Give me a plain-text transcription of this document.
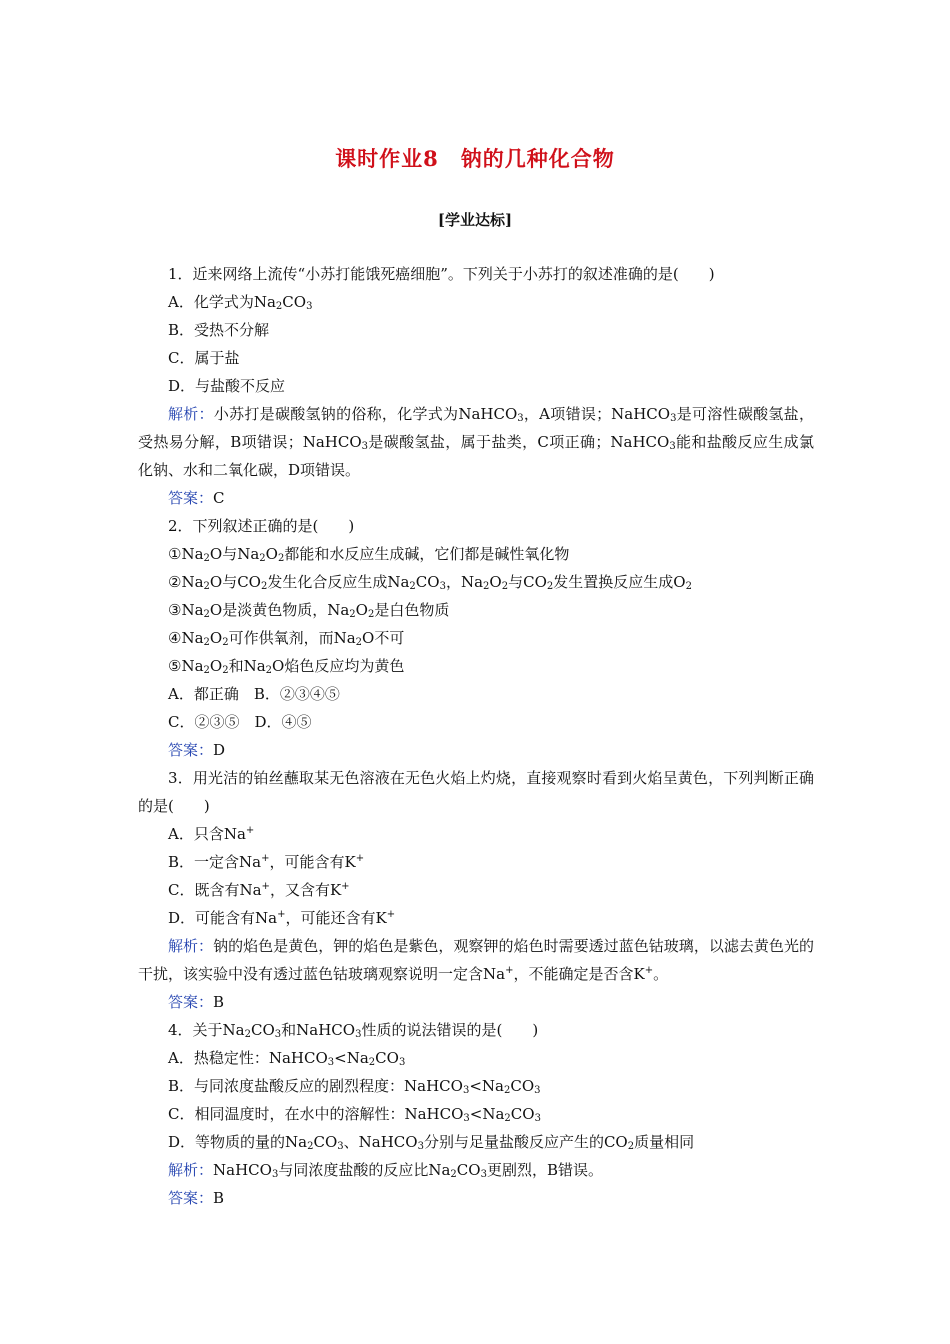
课时作业8　钠的几种化合物
[学业达标]
1．近来网络上流传“小苏打能饿死癌细胞”。下列关于小苏打的叙述准确的是(　　)
A．化学式为$Na_2CO_3$
B．受热不分解
C．属于盐
D．与盐酸不反应
解析：小苏打是碳酸氢钠的俗称，化学式为NaHCO$_3$，A项错误；NaHCO$_3$是可溶性碳酸氢盐，受热易分解，B项错误；NaHCO$_3$是碳酸氢盐，属于盐类，C项正确；NaHCO$_3$能和盐酸反应生成氯化钠、水和二氧化碳，D项错误。
答案：C
2．下列叙述正确的是(　　)
$①Na_2O$与$Na_2O_2$都能和水反应生成碱，它们都是碱性氧化物
$②Na_2O$与$CO_2$发生化合反应生成$Na_2CO_3$，$Na_2O_2$与$CO_2$发生置换反应生成$O_2$
$③Na_2O$是淡黄色物质，$Na_2O_2$是白色物质
$④Na_2O_2$可作供氧剂，而$Na_2O$不可
$⑤Na_2O_2$和$Na_2O$焰色反应均为黄色
A．都正确　B．②③④⑤
C．②③⑤　D．④⑤
答案：D
3．用光洁的铂丝蘸取某无色溶液在无色火焰上灼烧，直接观察时看到火焰呈黄色，下列判断正确的是(　　)
A．只含Na+
B．一定含Na+，可能含有K+
C．既含有Na+，又含有K+
D．可能含有Na+，可能还含有K+
解析：钠的焰色是黄色，钾的焰色是紫色，观察钾的焰色时需要透过蓝色钴玻璃，以滤去黄色光的干扰，该实验中没有透过蓝色钴玻璃观察说明一定含Na+，不能确定是否含K+。
答案：B
4．关于$Na_2CO_3$和NaHCO$_3$性质的说法错误的是(　　)
A．热稳定性：$NaHCO_3<Na_2CO_3$
B．与同浓度盐酸反应的剧烈程度：$NaHCO_3<Na_2CO_3$
C．相同温度时，在水中的溶解性：$NaHCO_3<Na_2CO_3$
D．等物质的量的$Na_2CO_3$、NaHCO$_3$分别与足量盐酸反应产生的$CO_2$质量相同
解析：NaHCO$_3$与同浓度盐酸的反应比$Na_2CO_3$更剧烈，B错误。
答案：B
